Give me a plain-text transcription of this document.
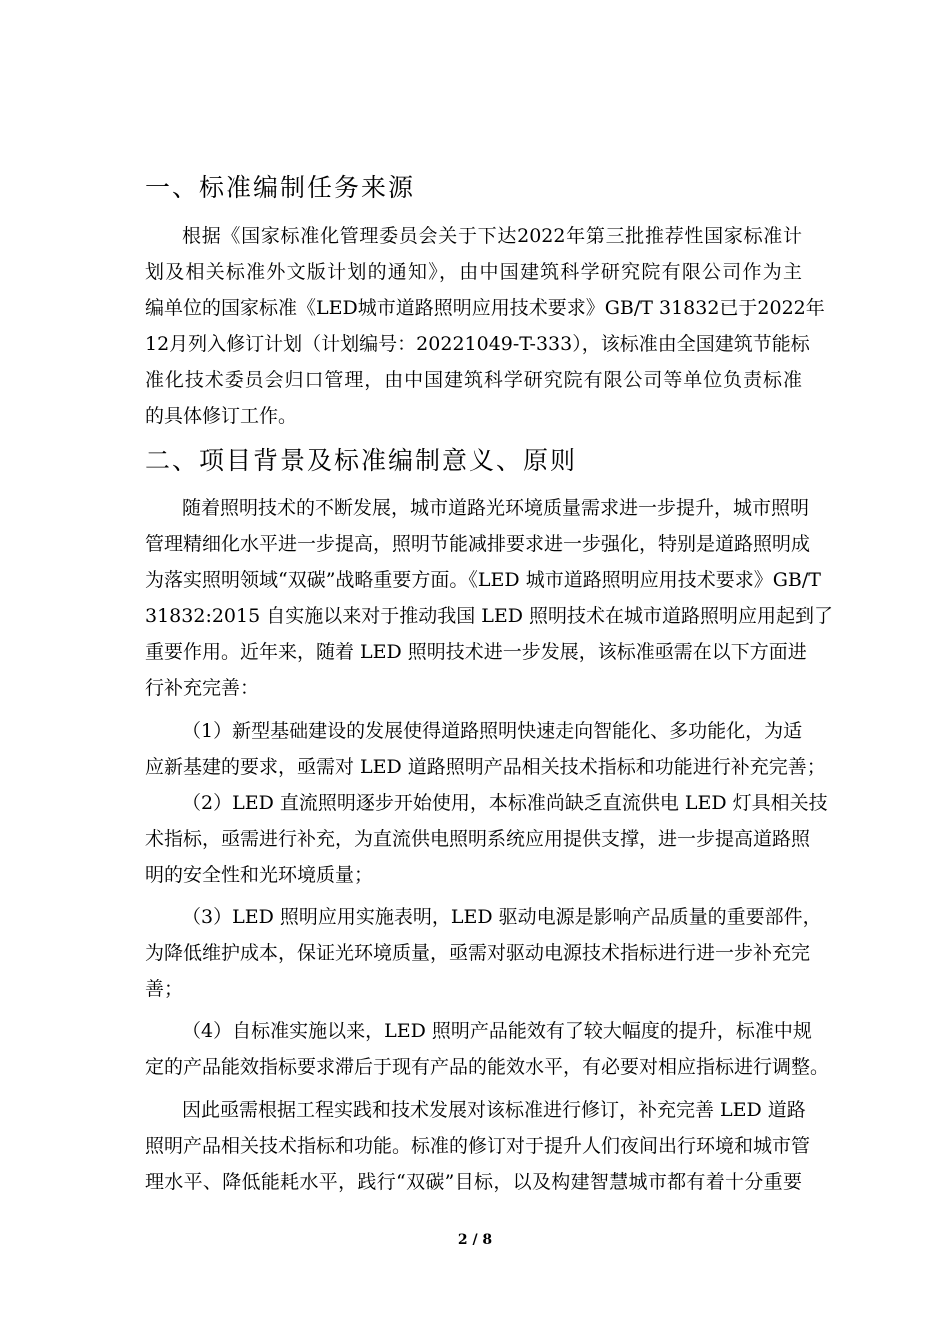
一、标准编制任务来源
根据《国家标准化管理委员会关于下达2022年第三批推荐性国家标准计
划及相关标准外文版计划的通知》，由中国建筑科学研究院有限公司作为主
编单位的国家标准《LED城市道路照明应用技术要求》GB/T 31832已于2022年
12月列入修订计划（计划编号：20221049-T-333），该标准由全国建筑节能标
准化技术委员会归口管理，由中国建筑科学研究院有限公司等单位负责标准
的具体修订工作。
二、项目背景及标准编制意义、原则
随着照明技术的不断发展，城市道路光环境质量需求进一步提升，城市照明
管理精细化水平进一步提高，照明节能减排要求进一步强化，特别是道路照明成
为落实照明领域“双碳”战略重要方面。《LED 城市道路照明应用技术要求》GB/T
31832:2015 自实施以来对于推动我国 LED 照明技术在城市道路照明应用起到了
重要作用。近年来，随着 LED 照明技术进一步发展，该标准亟需在以下方面进
行补充完善：
（1）新型基础建设的发展使得道路照明快速走向智能化、多功能化，为适
应新基建的要求，亟需对 LED 道路照明产品相关技术指标和功能进行补充完善；
（2）LED 直流照明逐步开始使用，本标准尚缺乏直流供电 LED 灯具相关技
术指标，亟需进行补充，为直流供电照明系统应用提供支撑，进一步提高道路照
明的安全性和光环境质量；
（3）LED 照明应用实施表明，LED 驱动电源是影响产品质量的重要部件，
为降低维护成本，保证光环境质量，亟需对驱动电源技术指标进行进一步补充完
善；
（4）自标准实施以来，LED 照明产品能效有了较大幅度的提升，标准中规
定的产品能效指标要求滞后于现有产品的能效水平，有必要对相应指标进行调整。
因此亟需根据工程实践和技术发展对该标准进行修订，补充完善 LED 道路
照明产品相关技术指标和功能。标准的修订对于提升人们夜间出行环境和城市管
理水平、降低能耗水平，践行“双碳”目标，以及构建智慧城市都有着十分重要
2 / 8
